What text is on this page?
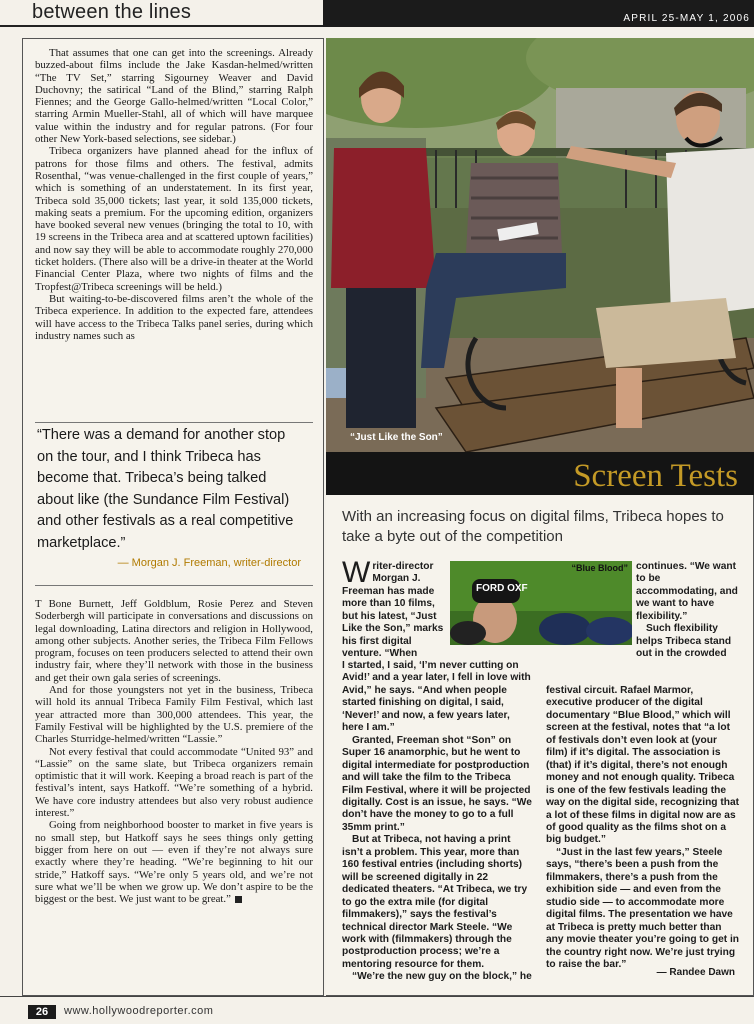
between the lines	APRIL 25-MAY 1, 2006

That assumes that one can get into the screenings. Already buzzed-about films include the Jake Kasdan-helmed/written “The TV Set,” starring Sigourney Weaver and David Duchovny; the satirical “Land of the Blind,” starring Ralph Fiennes; and the George Gallo-helmed/written “Local Color,” starring Armin Mueller-Stahl, all of which will have marquee value within the industry and for regular patrons. (For four other New York-based selections, see sidebar.)

Tribeca organizers have planned ahead for the influx of patrons for those films and others. The festival, admits Rosenthal, “was venue-challenged in the first couple of years,” which is something of an understatement. In its first year, Tribeca sold 35,000 tickets; last year, it sold 135,000 tickets, making seats a premium. For the upcoming edition, organizers have booked several new venues (bringing the total to 10, with 19 screens in the Tribeca area and at scattered uptown facilities) and now say they will be able to accommodate roughly 270,000 ticket holders. (There also will be a drive-in theater at the World Financial Center Plaza, where two nights of films and the Tropfest@Tribeca screenings will be held.)

But waiting-to-be-discovered films aren’t the whole of the Tribeca experience. In addition to the expected fare, attendees will have access to the Tribeca Talks panel series, during which industry names such as

“There was a demand for another stop on the tour, and I think Tribeca has become that. Tribeca’s being talked about like (the Sundance Film Festival) and other festivals as a real competitive marketplace.”
— Morgan J. Freeman, writer-director

T Bone Burnett, Jeff Goldblum, Rosie Perez and Steven Soderbergh will participate in conversations and discussions on legal downloading, Latina directors and religion in Hollywood, among other subjects. Another series, the Tribeca Film Fellows program, focuses on teen producers selected to attend their own industry fair, where they’ll network with those in the business and get their own gala series of screenings.

And for those youngsters not yet in the business, Tribeca will hold its annual Tribeca Family Film Festival, which last year attracted more than 300,000 attendees. This year, the Family Festival will be highlighted by the U.S. premiere of the Charles Sturridge-helmed/written “Lassie.”

Not every festival that could accommodate “United 93” and “Lassie” on the same slate, but Tribeca organizers remain optimistic that it will work. Keeping a broad reach is part of the festival’s intent, says Hatkoff. “We’re something of a hybrid. We have core industry attendees but also very robust audience interest.”

Going from neighborhood booster to market in five years is no small step, but Hatkoff says he sees things only getting bigger from here on out — even if they’re not always sure exactly where they’re heading. “We’re beginning to hit our stride,” Hatkoff says. “We’re only 5 years old, and we’re not sure what we’ll be when we grow up. We don’t aspire to be the biggest or the best. We just want to be great.”

“Just Like the Son”
Screen Tests
With an increasing focus on digital films, Tribeca hopes to take a byte out of the competition

Writer-director Morgan J. Freeman has made more than 10 films, but his latest, “Just Like the Son,” marks his first digital venture. “When

FORD OXF
“Blue Blood” continues. “We want to be accommodating, and we want to have flexibility.”

Such flexibility helps Tribeca stand out in the crowded

I started, I said, ‘I’m never cutting on Avid!’ and a year later, I fell in love with Avid,” he says. “And when people started finishing on digital, I said, ‘Never!’ and now, a few years later, here I am.”

Granted, Freeman shot “Son” on Super 16 anamorphic, but he went to digital intermediate for postproduction and will take the film to the Tribeca Film Festival, where it will be projected digitally. Cost is an issue, he says. “We don’t have the money to go to a full 35mm print.”

But at Tribeca, not having a print isn’t a problem. This year, more than 160 festival entries (including shorts) will be screened digitally in 22 dedicated theaters. “At Tribeca, we try to go the extra mile (for digital filmmakers),” says the festival’s technical director Mark Steele. “We work with (filmmakers) through the postproduction process; we’re a mentoring resource for them.

“We’re the new guy on the block,” he

festival circuit. Rafael Marmor, executive producer of the digital documentary “Blue Blood,” which will screen at the festival, notes that “a lot of festivals don’t even look at (your film) if it’s digital. The association is (that) if it’s digital, there’s not enough money and not enough quality. Tribeca is one of the few festivals leading the way on the digital side, recognizing that a lot of these films in digital now are as of good quality as the films shot on a big budget.”

“Just in the last few years,” Steele says, “there’s been a push from the filmmakers, there’s a push from the exhibition side — and even from the studio side — to accommodate more digital films. The presentation we have at Tribeca is pretty much better than any movie theater you’re going to get in the country right now. We’re just trying to raise the bar.”

— Randee Dawn
26	www.hollywoodreporter.com
